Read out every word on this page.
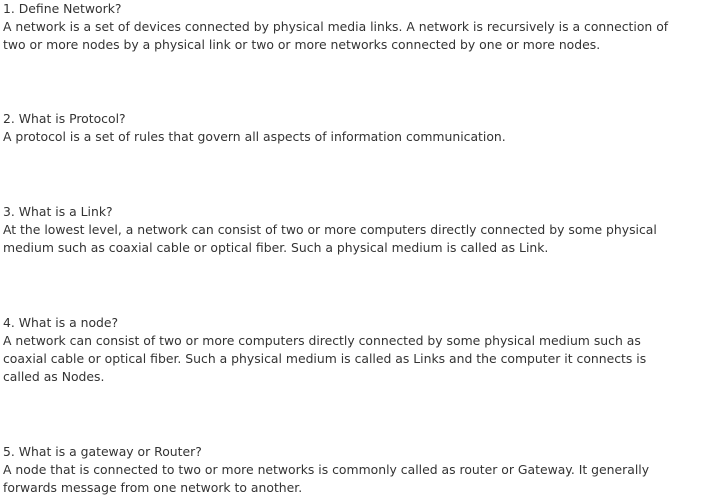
1. Define Network?

A network is a set of devices connected by physical media links. A network is recursively is a connection of

two or more nodes by a physical link or two or more networks connected by one or more nodes.

2. What is Protocol?

A protocol is a set of rules that govern all aspects of information communication.

3. What is a Link?

At the lowest level, a network can consist of two or more computers directly connected by some physical

medium such as coaxial cable or optical fiber. Such a physical medium is called as Link.

4. What is a node?

A network can consist of two or more computers directly connected by some physical medium such as

coaxial cable or optical fiber. Such a physical medium is called as Links and the computer it connects is

called as Nodes.

5. What is a gateway or Router?

A node that is connected to two or more networks is commonly called as router or Gateway. It generally

forwards message from one network to another.
